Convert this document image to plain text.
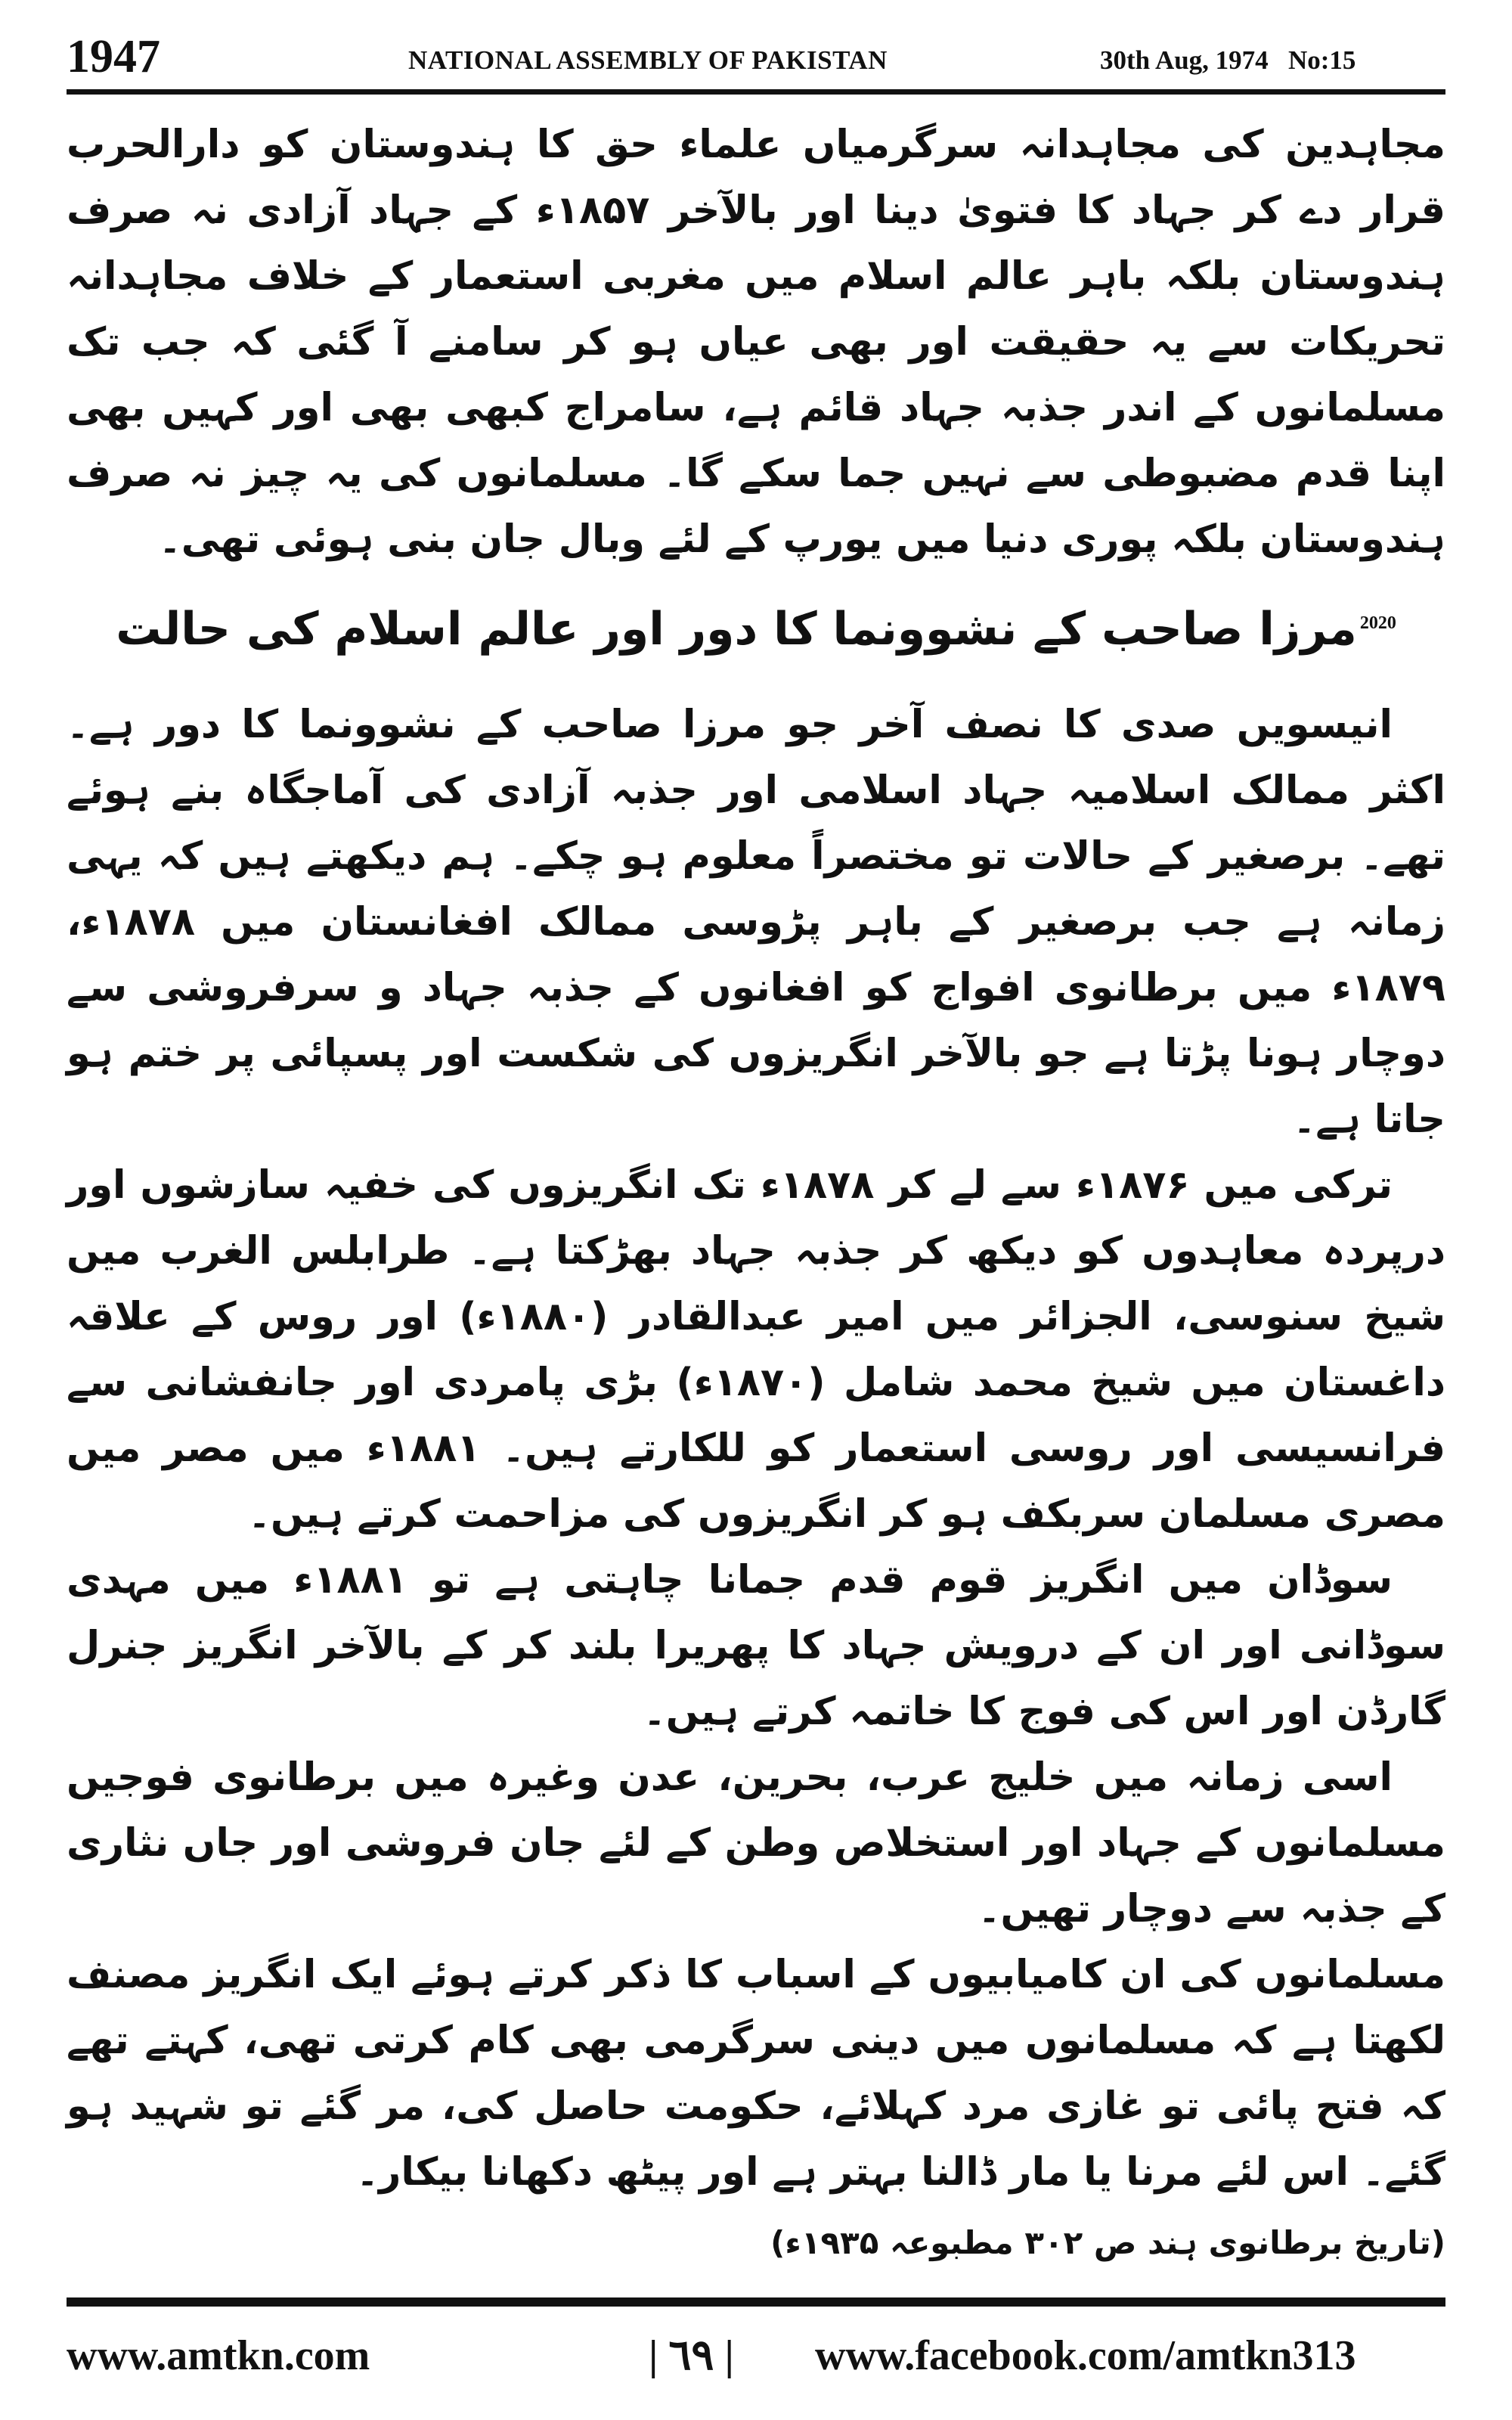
1947	NATIONAL ASSEMBLY OF PAKISTAN	30th Aug, 1974 No:15

مجاہدین کی مجاہدانہ سرگرمیاں علماء حق کا ہندوستان کو دارالحرب قرار دے کر جہاد کا فتویٰ دینا اور بالآخر ۱۸۵۷ء کے جہاد آزادی نہ صرف ہندوستان بلکہ باہر عالم اسلام میں مغربی استعمار کے خلاف مجاہدانہ تحریکات سے یہ حقیقت اور بھی عیاں ہو کر سامنے آ گئی کہ جب تک مسلمانوں کے اندر جذبہ جہاد قائم ہے، سامراج کبھی بھی اور کہیں بھی اپنا قدم مضبوطی سے نہیں جما سکے گا۔ مسلمانوں کی یہ چیز نہ صرف ہندوستان بلکہ پوری دنیا میں یورپ کے لئے وبال جان بنی ہوئی تھی۔

$^{2020}$مرزا صاحب کے نشوونما کا دور اور عالم اسلام کی حالت

انیسویں صدی کا نصف آخر جو مرزا صاحب کے نشوونما کا دور ہے۔ اکثر ممالک اسلامیہ جہاد اسلامی اور جذبہ آزادی کی آماجگاہ بنے ہوئے تھے۔ برصغیر کے حالات تو مختصراً معلوم ہو چکے۔ ہم دیکھتے ہیں کہ یہی زمانہ ہے جب برصغیر کے باہر پڑوسی ممالک افغانستان میں ۱۸۷۸ء، ۱۸۷۹ء میں برطانوی افواج کو افغانوں کے جذبہ جہاد و سرفروشی سے دوچار ہونا پڑتا ہے جو بالآخر انگریزوں کی شکست اور پسپائی پر ختم ہو جاتا ہے۔

ترکی میں ۱۸۷۶ء سے لے کر ۱۸۷۸ء تک انگریزوں کی خفیہ سازشوں اور درپردہ معاہدوں کو دیکھ کر جذبہ جہاد بھڑکتا ہے۔ طرابلس الغرب میں شیخ سنوسی، الجزائر میں امیر عبدالقادر (۱۸۸۰ء) اور روس کے علاقہ داغستان میں شیخ محمد شامل (۱۸۷۰ء) بڑی پامردی اور جانفشانی سے فرانسیسی اور روسی استعمار کو للکارتے ہیں۔ ۱۸۸۱ء میں مصر میں مصری مسلمان سربکف ہو کر انگریزوں کی مزاحمت کرتے ہیں۔

سوڈان میں انگریز قوم قدم جمانا چاہتی ہے تو ۱۸۸۱ء میں مہدی سوڈانی اور ان کے درویش جہاد کا پھریرا بلند کر کے بالآخر انگریز جنرل گارڈن اور اس کی فوج کا خاتمہ کرتے ہیں۔

اسی زمانہ میں خلیج عرب، بحرین، عدن وغیرہ میں برطانوی فوجیں مسلمانوں کے جہاد اور استخلاص وطن کے لئے جان فروشی اور جاں نثاری کے جذبہ سے دوچار تھیں۔

مسلمانوں کی ان کامیابیوں کے اسباب کا ذکر کرتے ہوئے ایک انگریز مصنف لکھتا ہے کہ مسلمانوں میں دینی سرگرمی بھی کام کرتی تھی، کہتے تھے کہ فتح پائی تو غازی مرد کہلائے، حکومت حاصل کی، مر گئے تو شہید ہو گئے۔ اس لئے مرنا یا مار ڈالنا بہتر ہے اور پیٹھ دکھانا بیکار۔

(تاریخ برطانوی ہند ص ۳۰۲ مطبوعہ ۱۹۳۵ء)

www.amtkn.com	| ٦٩ | www.facebook.com/amtkn313
